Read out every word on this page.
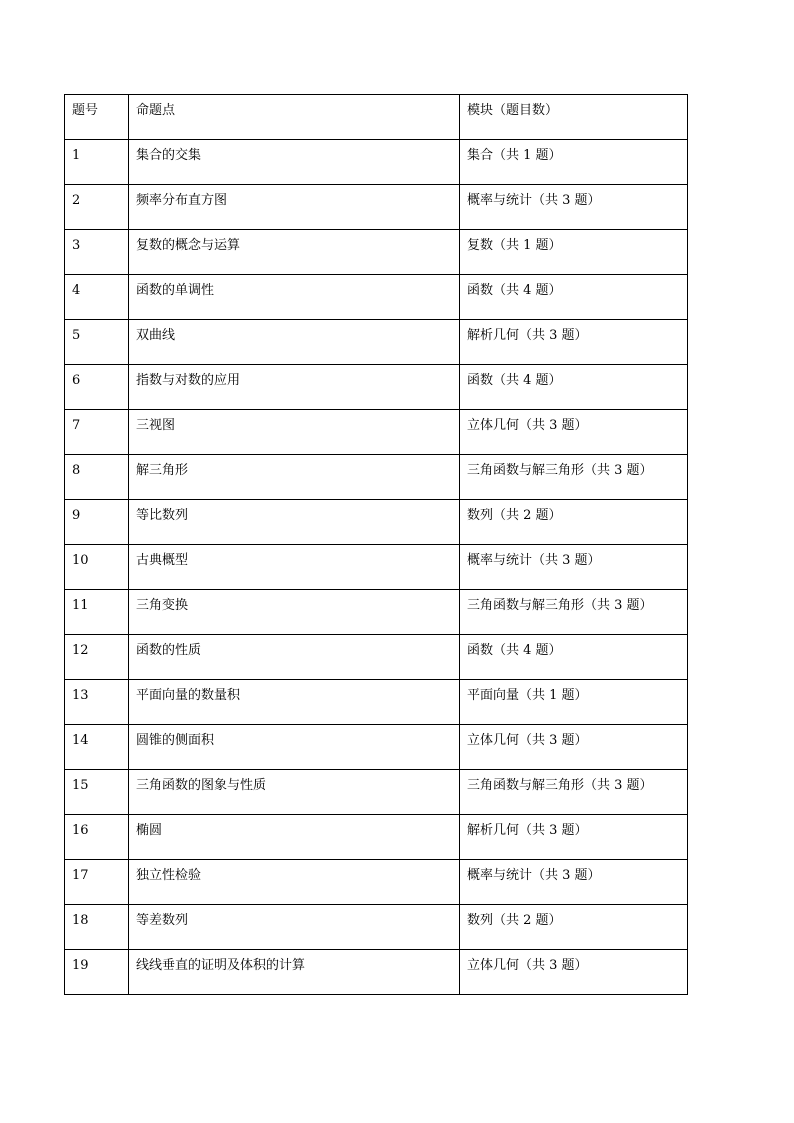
题号	命题点	模块（题目数）
1	集合的交集	集合（共 1 题）
2	频率分布直方图	概率与统计（共 3 题）
3	复数的概念与运算	复数（共 1 题）
4	函数的单调性	函数（共 4 题）
5	双曲线	解析几何（共 3 题）
6	指数与对数的应用	函数（共 4 题）
7	三视图	立体几何（共 3 题）
8	解三角形	三角函数与解三角形（共 3 题）
9	等比数列	数列（共 2 题）
10	古典概型	概率与统计（共 3 题）
11	三角变换	三角函数与解三角形（共 3 题）
12	函数的性质	函数（共 4 题）
13	平面向量的数量积	平面向量（共 1 题）
14	圆锥的侧面积	立体几何（共 3 题）
15	三角函数的图象与性质	三角函数与解三角形（共 3 题）
16	椭圆	解析几何（共 3 题）
17	独立性检验	概率与统计（共 3 题）
18	等差数列	数列（共 2 题）
19	线线垂直的证明及体积的计算	立体几何（共 3 题）
